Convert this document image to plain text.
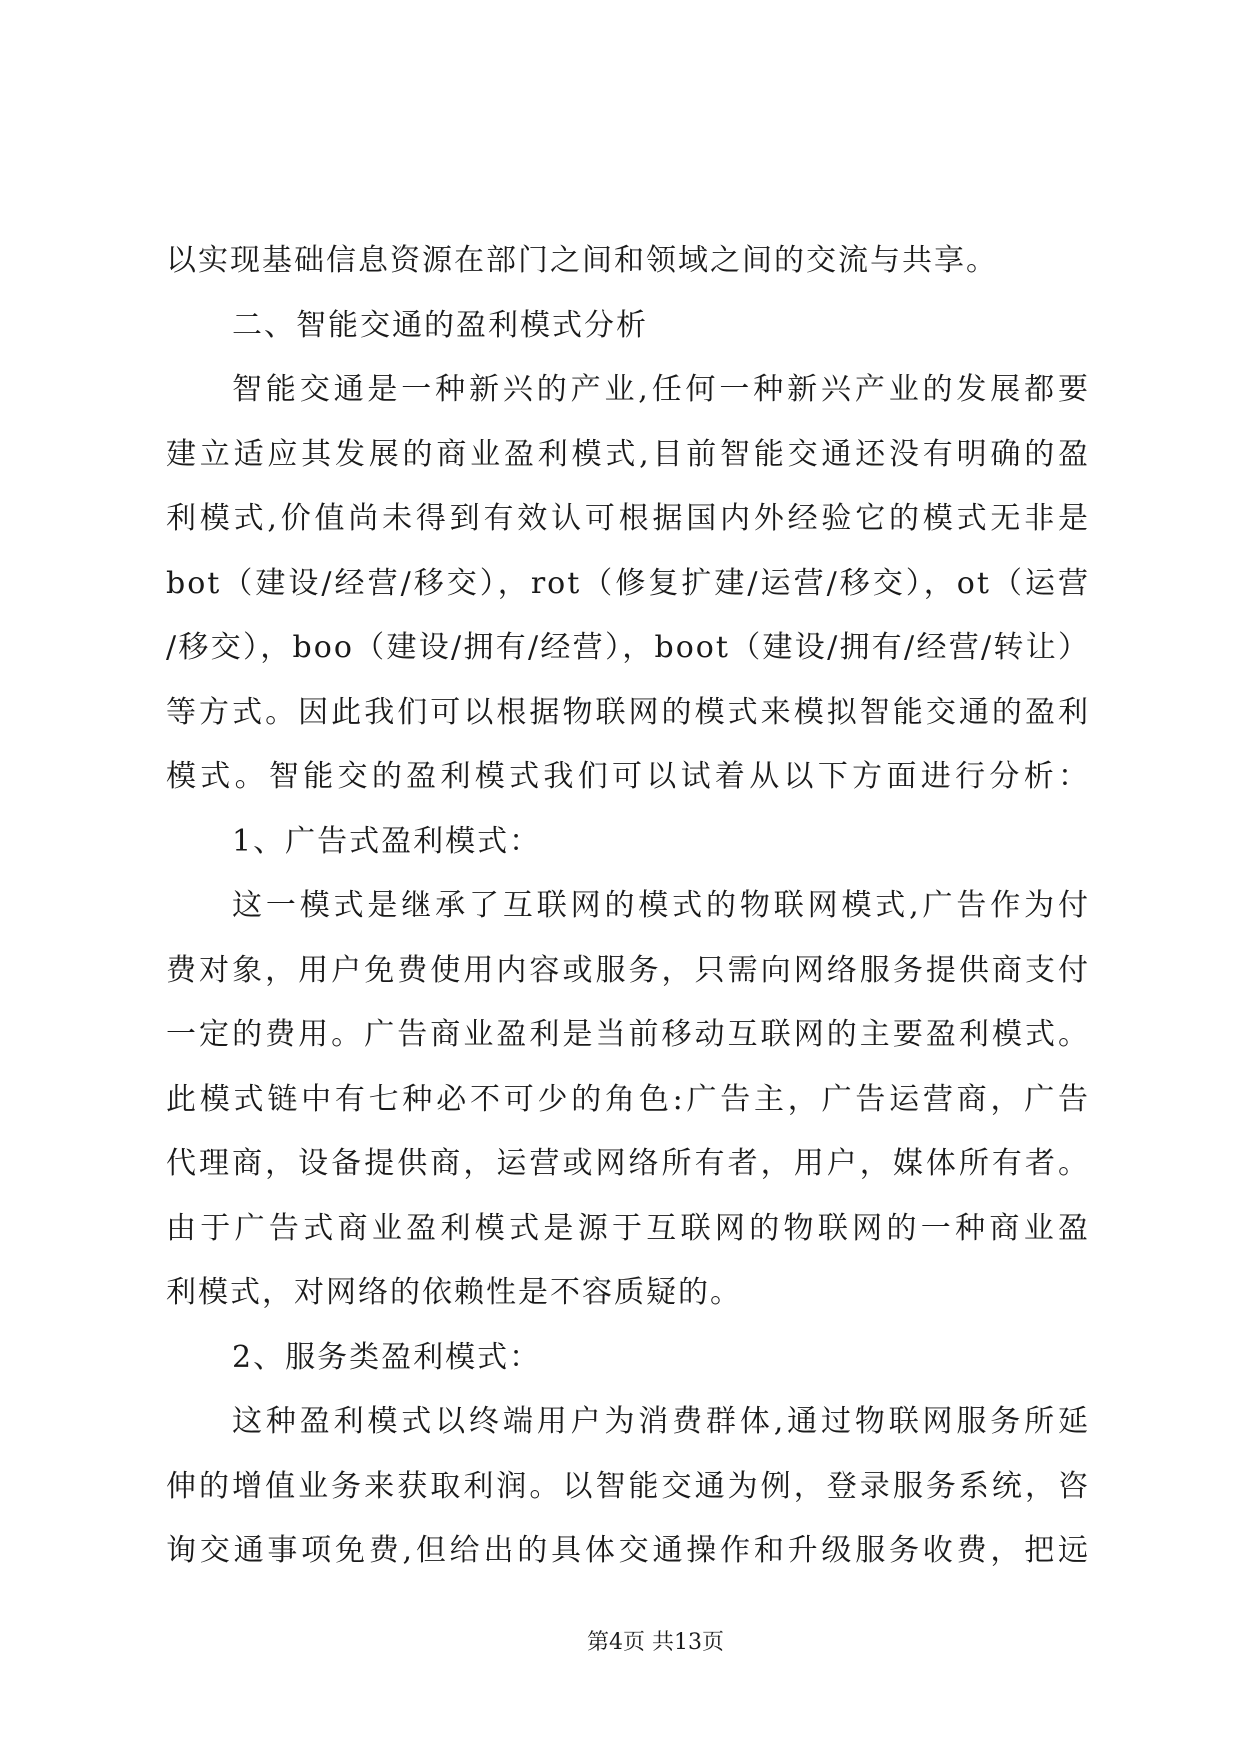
以实现基础信息资源在部门之间和领域之间的交流与共享。
二、智能交通的盈利模式分析
智能交通是一种新兴的产业,任何一种新兴产业的发展都要
建立适应其发展的商业盈利模式,目前智能交通还没有明确的盈
利模式,价值尚未得到有效认可根据国内外经验它的模式无非是
bot（建设/经营/移交），rot（修复扩建/运营/移交），ot（运营
/移交），boo（建设/拥有/经营），boot（建设/拥有/经营/转让）
等方式。因此我们可以根据物联网的模式来模拟智能交通的盈利
模式。智能交的盈利模式我们可以试着从以下方面进行分析：
1、广告式盈利模式：
这一模式是继承了互联网的模式的物联网模式,广告作为付
费对象，用户免费使用内容或服务，只需向网络服务提供商支付
一定的费用。广告商业盈利是当前移动互联网的主要盈利模式。
此模式链中有七种必不可少的角色:广告主，广告运营商，广告
代理商，设备提供商，运营或网络所有者，用户，媒体所有者。
由于广告式商业盈利模式是源于互联网的物联网的一种商业盈
利模式，对网络的依赖性是不容质疑的。
2、服务类盈利模式：
这种盈利模式以终端用户为消费群体,通过物联网服务所延
伸的增值业务来获取利润。以智能交通为例，登录服务系统，咨
询交通事项免费,但给出的具体交通操作和升级服务收费，把远
第4页 共13页
